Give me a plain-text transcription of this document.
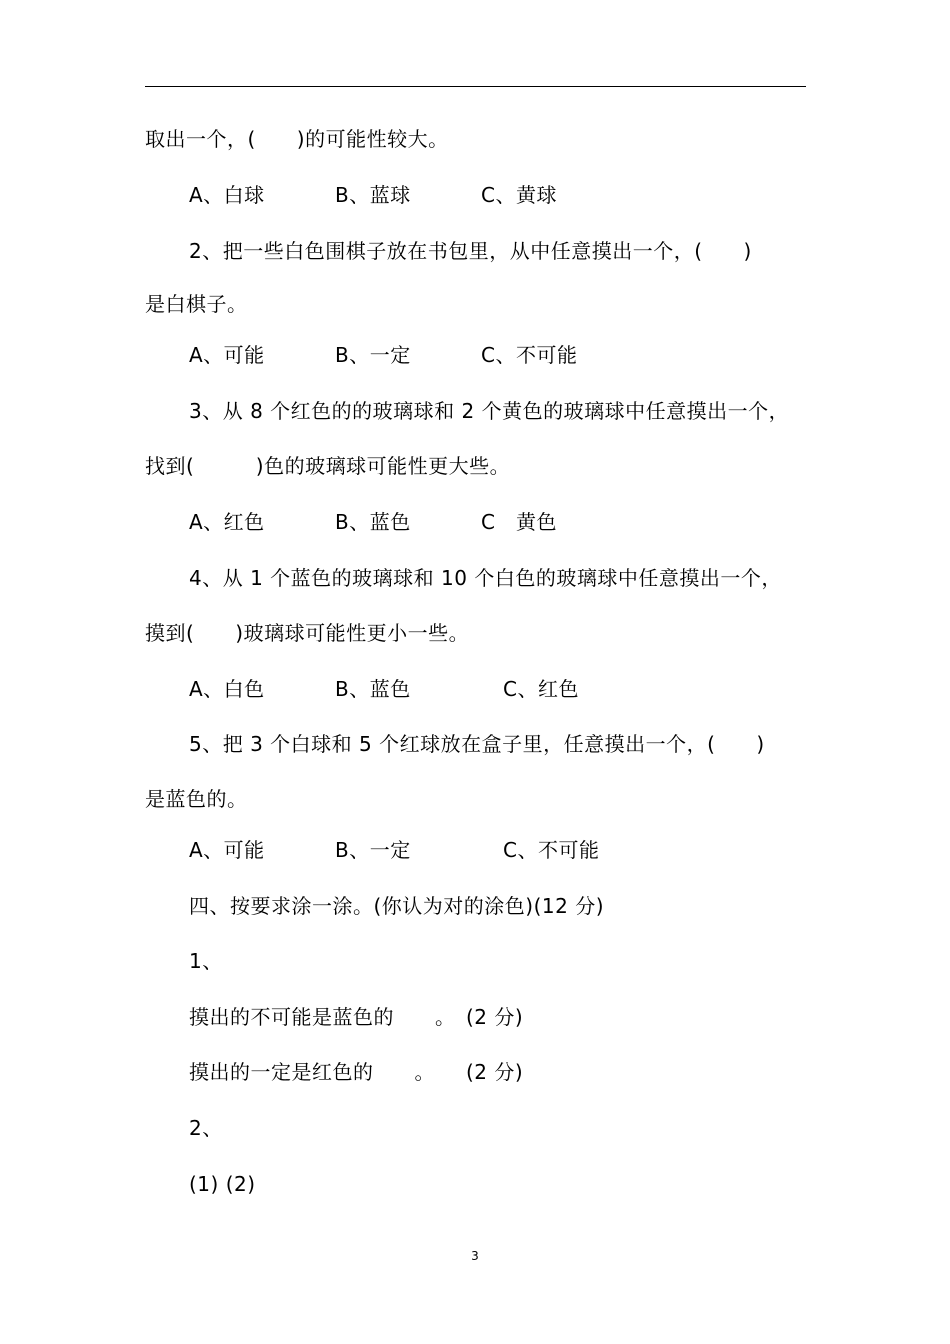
取出一个，(　　)的可能性较大。
A、白球	B、蓝球	C、黄球
2、把一些白色围棋子放在书包里，从中任意摸出一个，(　　)
是白棋子。
A、可能	B、一定	C、不可能
3、从 8 个红色的的玻璃球和 2 个黄色的玻璃球中任意摸出一个，
找到(　　　)色的玻璃球可能性更大些。
A、红色	B、蓝色	C　黄色
4、从 1 个蓝色的玻璃球和 10 个白色的玻璃球中任意摸出一个，
摸到(　　)玻璃球可能性更小一些。
A、白色	B、蓝色	C、红色
5、把 3 个白球和 5 个红球放在盒子里，任意摸出一个，(　　)
是蓝色的。
A、可能	B、一定	C、不可能
四、按要求涂一涂。(你认为对的涂色)(12 分)
1、
摸出的不可能是蓝色的　　。　(2 分)
摸出的一定是红色的　　。　　(2 分)
2、
(1) (2)
3
